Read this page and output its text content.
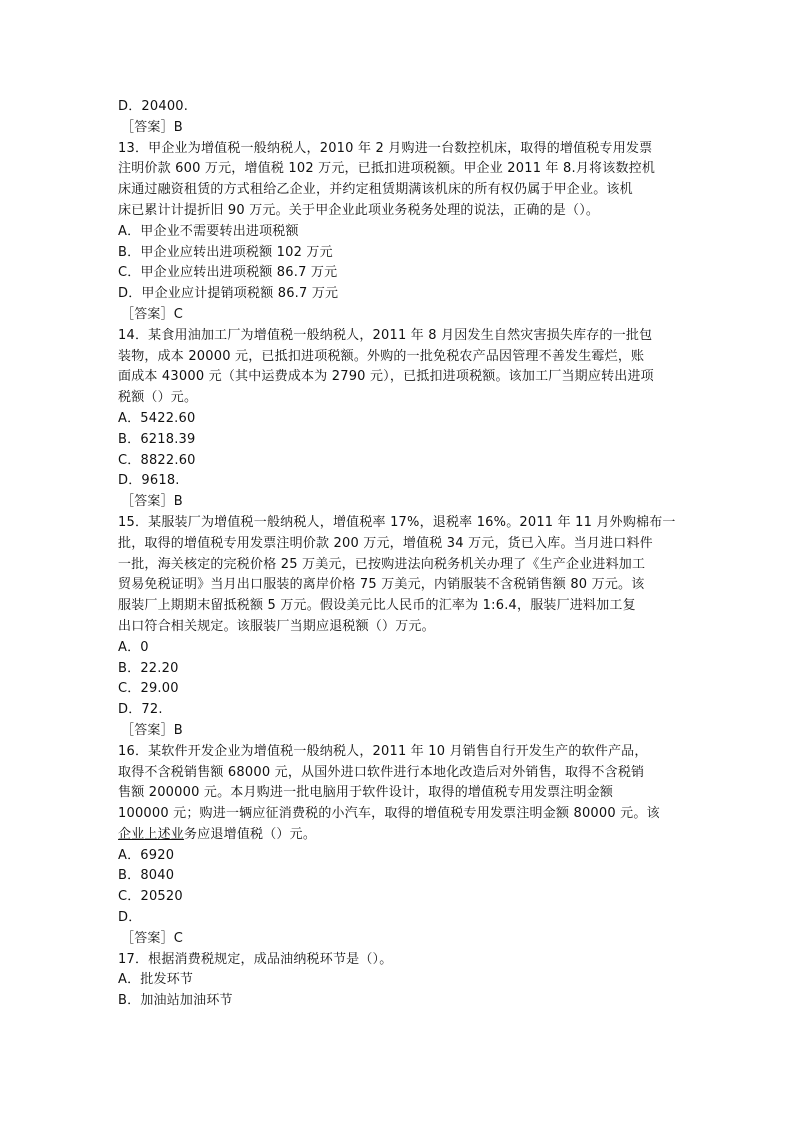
D．20400.
［答案］B
13．甲企业为增值税一般纳税人，2010 年 2 月购进一台数控机床，取得的增值税专用发票
注明价款 600 万元，增值税 102 万元，已抵扣进项税额。甲企业 2011 年 8.月将该数控机
床通过融资租赁的方式租给乙企业，并约定租赁期满该机床的所有权仍属于甲企业。该机
床已累计计提折旧 90 万元。关于甲企业此项业务税务处理的说法，正确的是（）。
A．甲企业不需要转出进项税额
B．甲企业应转出进项税额 102 万元
C．甲企业应转出进项税额 86.7 万元
D．甲企业应计提销项税额 86.7 万元
［答案］C
14．某食用油加工厂为增值税一般纳税人，2011 年 8 月因发生自然灾害损失库存的一批包
装物，成本 20000 元，已抵扣进项税额。外购的一批免税农产品因管理不善发生霉烂，账
面成本 43000 元（其中运费成本为 2790 元），已抵扣进项税额。该加工厂当期应转出进项
税额（）元。
A．5422.60
B．6218.39
C．8822.60
D．9618.
［答案］B
15．某服装厂为增值税一般纳税人，增值税率 17%，退税率 16%。2011 年 11 月外购棉布一
批，取得的增值税专用发票注明价款 200 万元，增值税 34 万元，货已入库。当月进口料件
一批，海关核定的完税价格 25 万美元，已按购进法向税务机关办理了《生产企业进料加工
贸易免税证明》当月出口服装的离岸价格 75 万美元，内销服装不含税销售额 80 万元。该
服装厂上期期末留抵税额 5 万元。假设美元比人民币的汇率为 1:6.4，服装厂进料加工复
出口符合相关规定。该服装厂当期应退税额（）万元。
A．0
B．22.20
C．29.00
D．72.
［答案］B
16．某软件开发企业为增值税一般纳税人，2011 年 10 月销售自行开发生产的软件产品，
取得不含税销售额 68000 元，从国外进口软件进行本地化改造后对外销售，取得不含税销
售额 200000 元。本月购进一批电脑用于软件设计，取得的增值税专用发票注明金额
100000 元；购进一辆应征消费税的小汽车，取得的增值税专用发票注明金额 80000 元。该
企业上述业务应退增值税（）元。
A．6920
B．8040
C．20520
D．
［答案］C
17．根据消费税规定，成品油纳税环节是（）。
A．批发环节
B．加油站加油环节
